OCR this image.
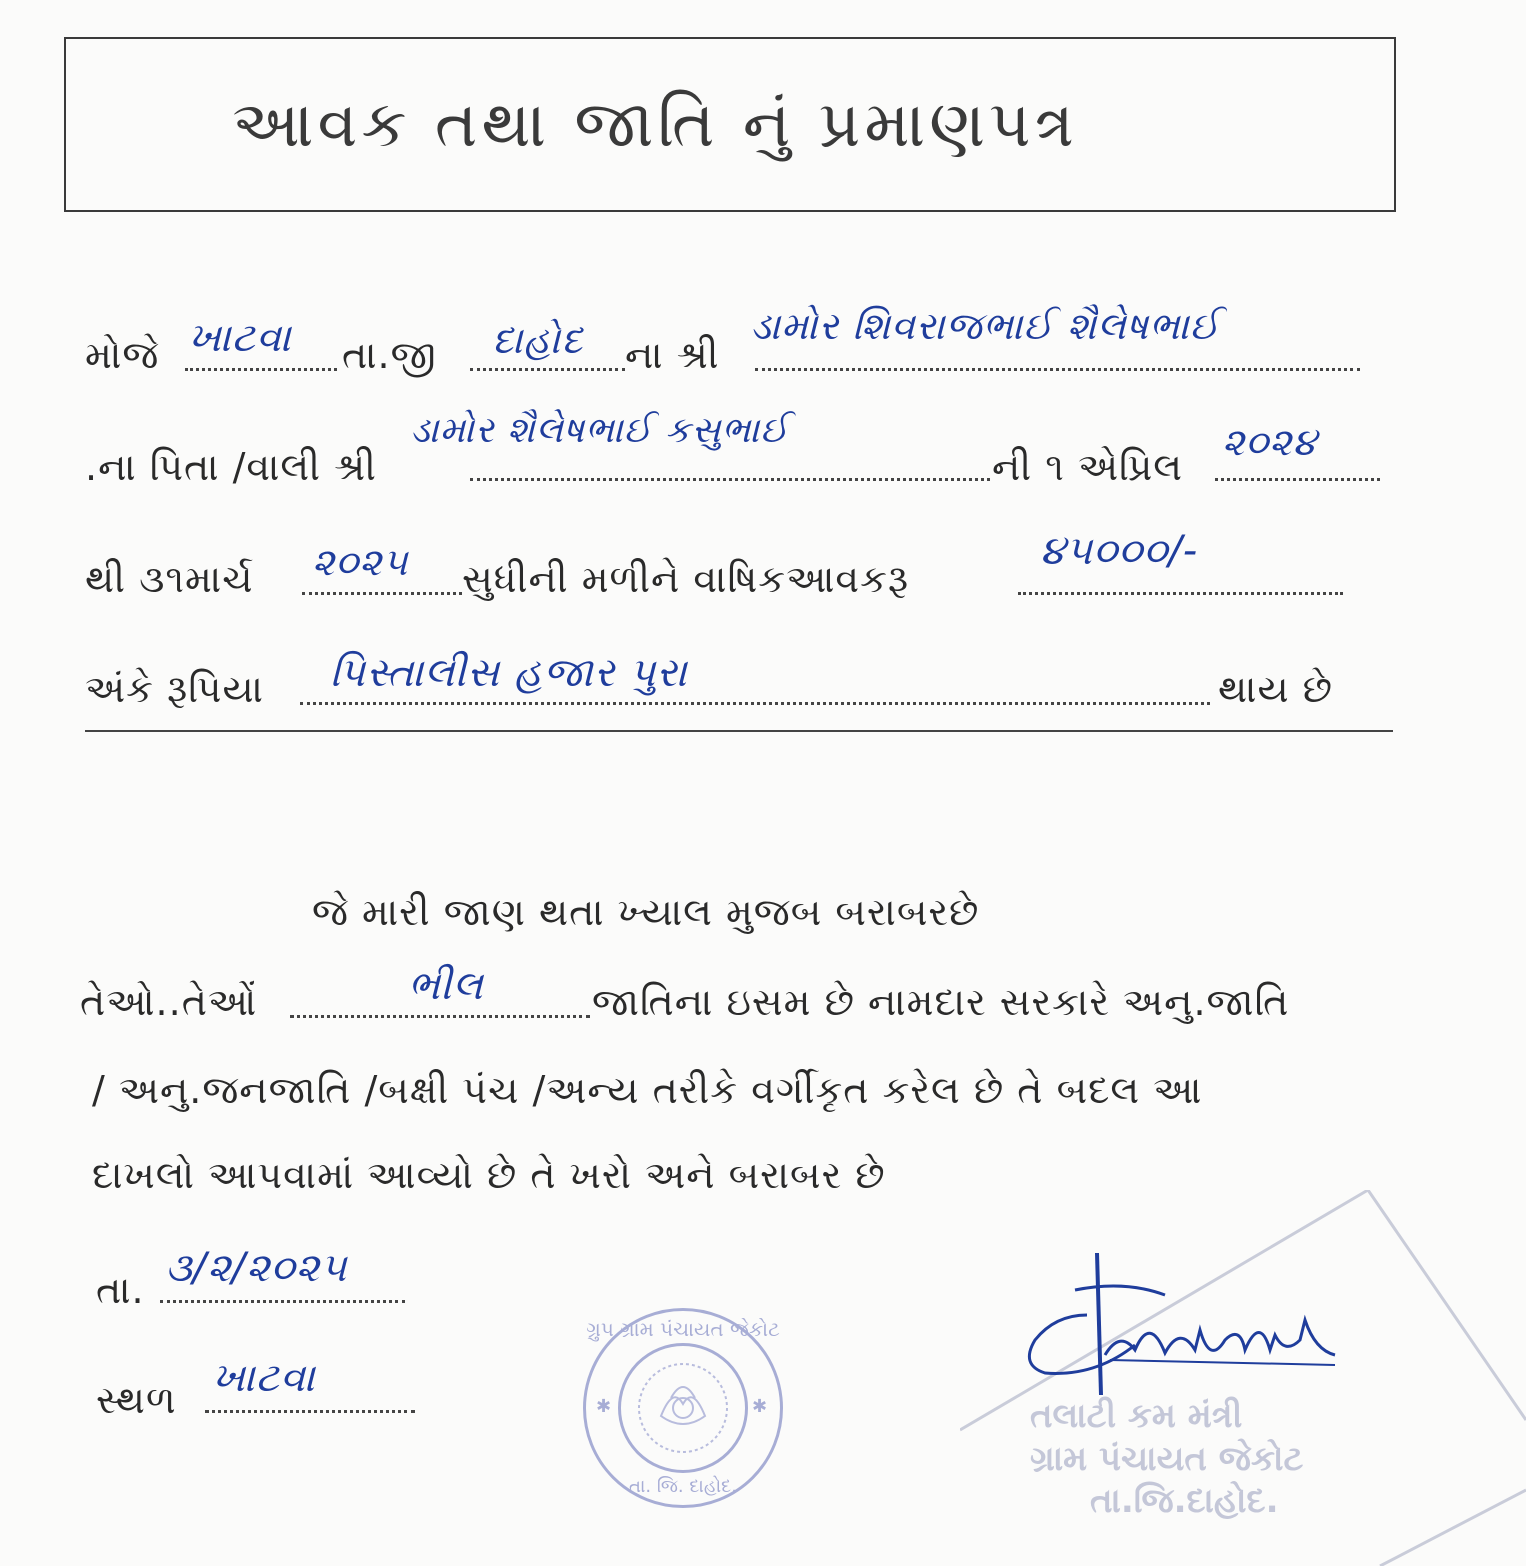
આવક તથા જાતિ નું પ્રમાણપત્ર
મોજે ખાટવા તા.જી દાહોદ ના શ્રી
ડામોર શિવરાજભાઈ શૈલેષભાઈ
.ના પિતા /વાલી શ્રી
ડામોર શૈલેષભાઈ કસુભાઈ
ની ૧ એપ્રિલ
૨૦૨૪
થી ૩૧માર્ચ ૨૦૨૫ સુધીની મળીને વાષિકઆવકરૂ
૪૫૦૦૦/-
અંકે રૂપિયા પિસ્તાલીસ હજાર પુરા	થાય છે
જે મારી જાણ થતા ખ્યાલ મુજબ બરાબરછે
તેઓ..તેઓં	ભીલ	જાતિના ઇસમ છે નામદાર સરકારે અનુ.જાતિ
/ અનુ.જનજાતિ /બક્ષી પંચ /અન્ય તરીકે વર્ગીકૃત કરેલ છે તે બદલ આ
દાખલો આપવામાં આવ્યો છે તે ખરો અને બરાબર છે
તા. ૩/૨/૨૦૨૫
સ્થળ ખાટવા
ગ્રુપ ગ્રામ પંચાયત જેકોટ
તા. જિ. દાહોદ.
✱	✱	તલાટી કમ મંત્રી
ગ્રામ પંચાયત જેકોટ
તા.જિ.દાહોદ.
